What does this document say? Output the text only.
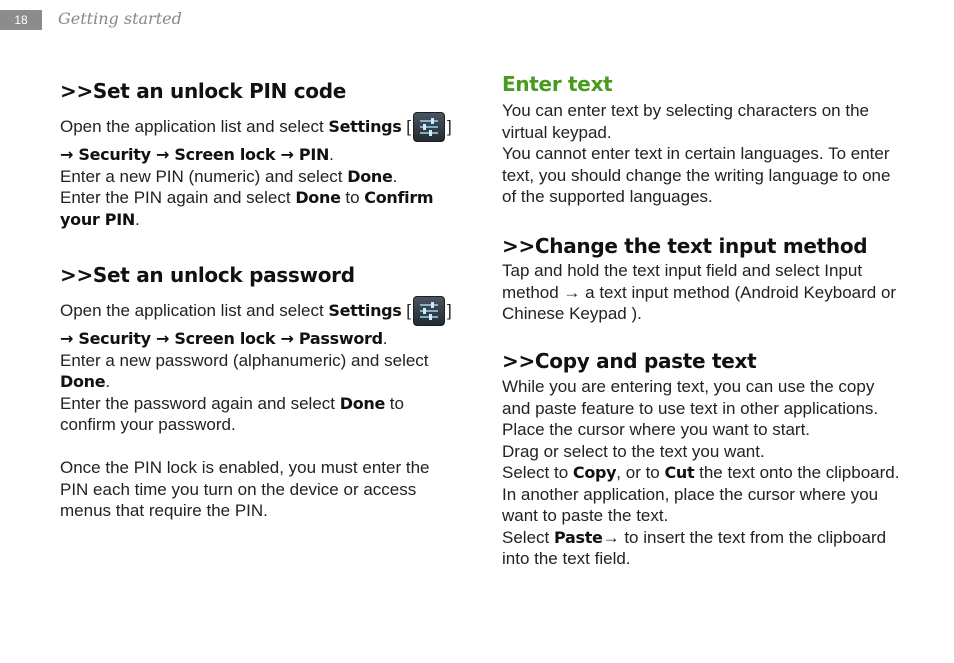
18	Getting started
>>Set an unlock PIN code
Open the application list and select
Settings
[ ]
→ Security → Screen lock → PIN.
Enter a new PIN (numeric) and select Done.
Enter the PIN again and select Done to Confirm your PIN.
>>Set an unlock password
Open the application list and select
Settings
[ ]
→ Security → Screen lock → Password.
Enter a new password (alphanumeric) and select Done.
Enter the password again and select Done to confirm your password.
Once the PIN lock is enabled, you must enter the PIN each time you turn on the device or access menus that require the PIN.
Enter text
You can enter text by selecting characters on the virtual keypad.
You cannot enter text in certain languages. To enter text, you should change the writing language to one of the supported languages.
>>Change the text input method
Tap and hold the text input field and select Input method → a text input method (Android Keyboard or Chinese Keypad ).
>>Copy and paste text
While you are entering text, you can use the copy and paste feature to use text in other applications.
Place the cursor where you want to start.
Drag or select to the text you want.
Select to Copy, or to Cut the text onto the clipboard.
In another application, place the cursor where you want to paste the text.
Select Paste→ to insert the text from the clipboard into the text field.
